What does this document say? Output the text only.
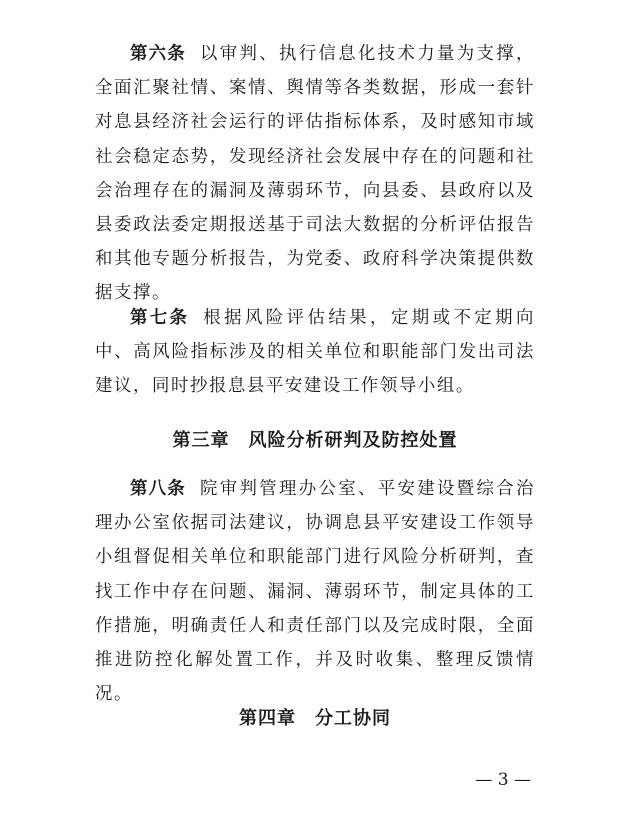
第六条 以审判、执行信息化技术力量为支撑，全面汇聚社情、案情、舆情等各类数据，形成一套针对息县经济社会运行的评估指标体系，及时感知市域社会稳定态势，发现经济社会发展中存在的问题和社会治理存在的漏洞及薄弱环节，向县委、县政府以及县委政法委定期报送基于司法大数据的分析评估报告和其他专题分析报告，为党委、政府科学决策提供数据支撑。

第七条 根据风险评估结果，定期或不定期向中、高风险指标涉及的相关单位和职能部门发出司法建议，同时抄报息县平安建设工作领导小组。

第三章　风险分析研判及防控处置

第八条 院审判管理办公室、平安建设暨综合治理办公室依据司法建议，协调息县平安建设工作领导小组督促相关单位和职能部门进行风险分析研判，查找工作中存在问题、漏洞、薄弱环节，制定具体的工作措施，明确责任人和责任部门以及完成时限，全面推进防控化解处置工作，并及时收集、整理反馈情况。

第四章　分工协同
— 3 —
